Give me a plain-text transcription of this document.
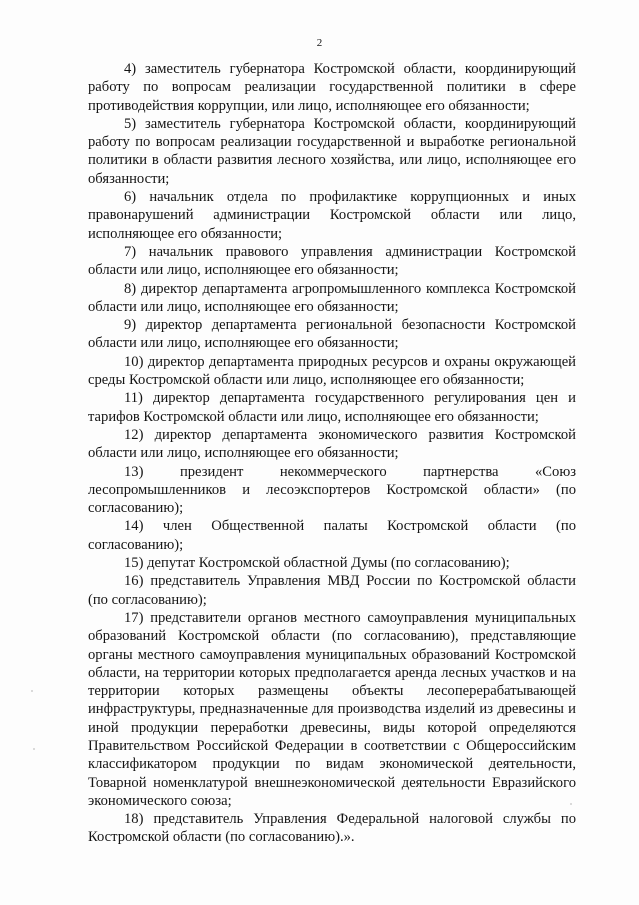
2

4) заместитель губернатора Костромской области, координирующий работу по вопросам реализации государственной политики в сфере противодействия коррупции, или лицо, исполняющее его обязанности;

5) заместитель губернатора Костромской области, координирующий работу по вопросам реализации государственной и выработке региональной политики в области развития лесного хозяйства, или лицо, исполняющее его обязанности;

6) начальник отдела по профилактике коррупционных и иных правонарушений администрации Костромской области или лицо, исполняющее его обязанности;

7) начальник правового управления администрации Костромской области или лицо, исполняющее его обязанности;

8) директор департамента агропромышленного комплекса Костромской области или лицо, исполняющее его обязанности;

9) директор департамента региональной безопасности Костромской области или лицо, исполняющее его обязанности;

10) директор департамента природных ресурсов и охраны окружающей среды Костромской области или лицо, исполняющее его обязанности;

11) директор департамента государственного регулирования цен и тарифов Костромской области или лицо, исполняющее его обязанности;

12) директор департамента экономического развития Костромской области или лицо, исполняющее его обязанности;

13) президент некоммерческого партнерства «Союз лесопромышленников и лесоэкспортеров Костромской области» (по согласованию);

14) член Общественной палаты Костромской области (по согласованию);

15) депутат Костромской областной Думы (по согласованию);

16) представитель Управления МВД России по Костромской области (по согласованию);

17) представители органов местного самоуправления муниципальных образований Костромской области (по согласованию), представляющие органы местного самоуправления муниципальных образований Костромской области, на территории которых предполагается аренда лесных участков и на территории которых размещены объекты лесоперерабатывающей инфраструктуры, предназначенные для производства изделий из древесины и иной продукции переработки древесины, виды которой определяются Правительством Российской Федерации в соответствии с Общероссийским классификатором продукции по видам экономической деятельности, Товарной номенклатурой внешнеэкономической деятельности Евразийского экономического союза;

18) представитель Управления Федеральной налоговой службы по Костромской области (по согласованию).».
